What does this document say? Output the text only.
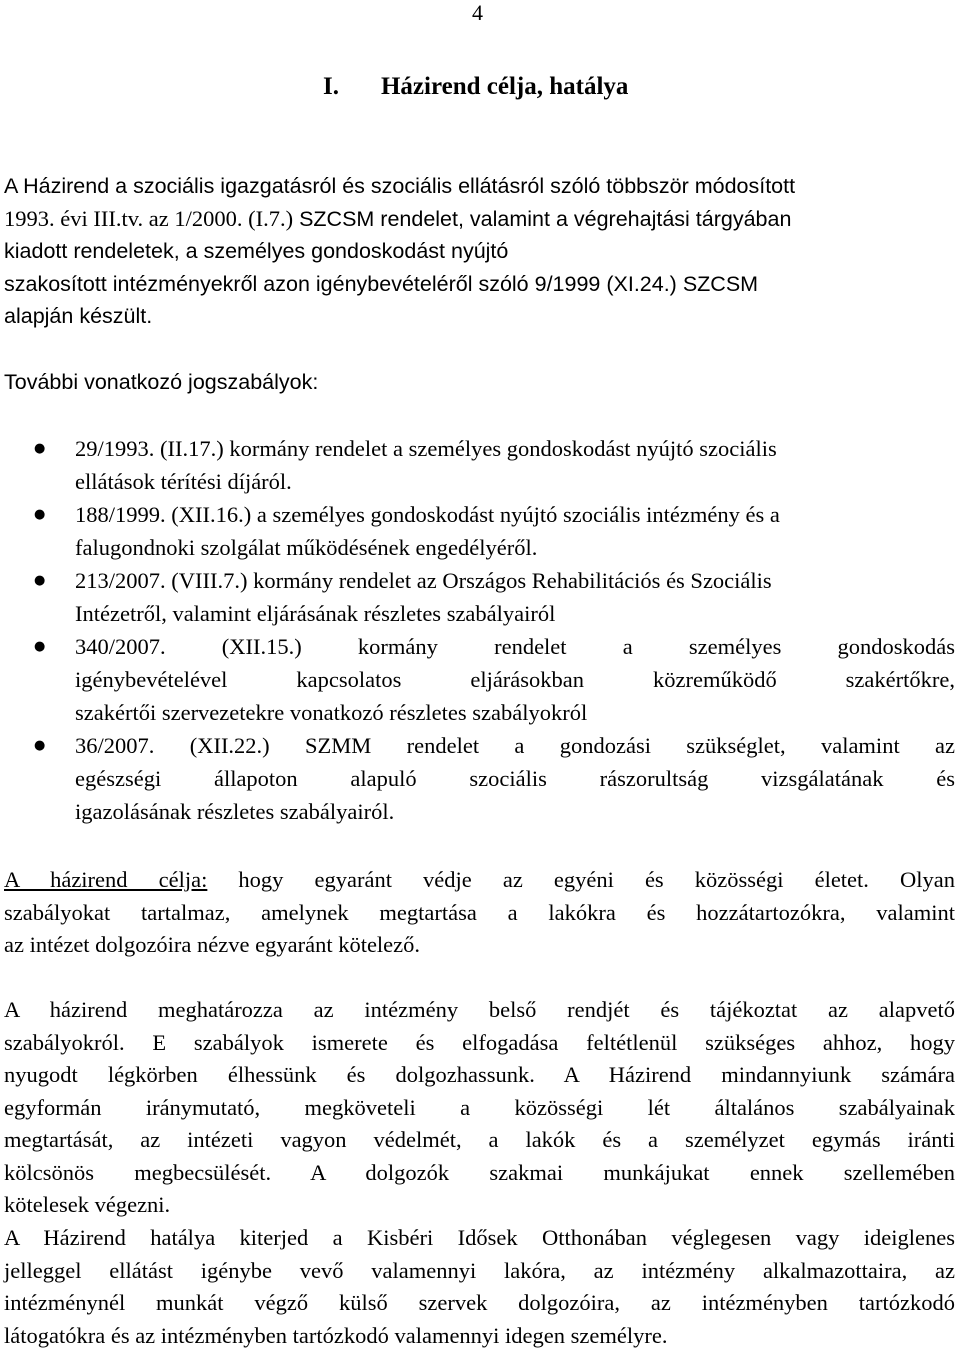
4
I. Házirend célja, hatálya
A Házirend a szociális igazgatásról és szociális ellátásról szóló többször módosított
1993. évi III.tv. az 1/2000. (I.7.) SZCSM rendelet, valamint a végrehajtási tárgyában
kiadott rendeletek, a személyes gondoskodást nyújtó
szakosított intézményekről azon igénybevételéről szóló 9/1999 (XI.24.) SZCSM
alapján készült.
További vonatkozó jogszabályok:
● 29/1993. (II.17.) kormány rendelet a személyes gondoskodást nyújtó szociális
ellátások térítési díjáról.
● 188/1999. (XII.16.) a személyes gondoskodást nyújtó szociális intézmény és a
falugondnoki szolgálat működésének engedélyéről.
● 213/2007. (VIII.7.) kormány rendelet az Országos Rehabilitációs és Szociális
Intézetről, valamint eljárásának részletes szabályairól
● 340/2007. (XII.15.) kormány rendelet a személyes gondoskodás
igénybevételével kapcsolatos eljárásokban közreműködő szakértőkre,
szakértői szervezetekre vonatkozó részletes szabályokról
● 36/2007. (XII.22.) SZMM rendelet a gondozási szükséglet, valamint az
egészségi állapoton alapuló szociális rászorultság vizsgálatának és
igazolásának részletes szabályairól.
A házirend célja: hogy egyaránt védje az egyéni és közösségi életet. Olyan
szabályokat tartalmaz, amelynek megtartása a lakókra és hozzátartozókra, valamint
az intézet dolgozóira nézve egyaránt kötelező.
A házirend meghatározza az intézmény belső rendjét és tájékoztat az alapvető
szabályokról. E szabályok ismerete és elfogadása feltétlenül szükséges ahhoz, hogy
nyugodt légkörben élhessünk és dolgozhassunk. A Házirend mindannyiunk számára
egyformán iránymutató, megköveteli a közösségi lét általános szabályainak
megtartását, az intézeti vagyon védelmét, a lakók és a személyzet egymás iránti
kölcsönös megbecsülését. A dolgozók szakmai munkájukat ennek szellemében
kötelesek végezni.
A Házirend hatálya kiterjed a Kisbéri Idősek Otthonában véglegesen vagy ideiglenes
jelleggel ellátást igénybe vevő valamennyi lakóra, az intézmény alkalmazottaira, az
intézménynél munkát végző külső szervek dolgozóira, az intézményben tartózkodó
látogatókra és az intézményben tartózkodó valamennyi idegen személyre.
